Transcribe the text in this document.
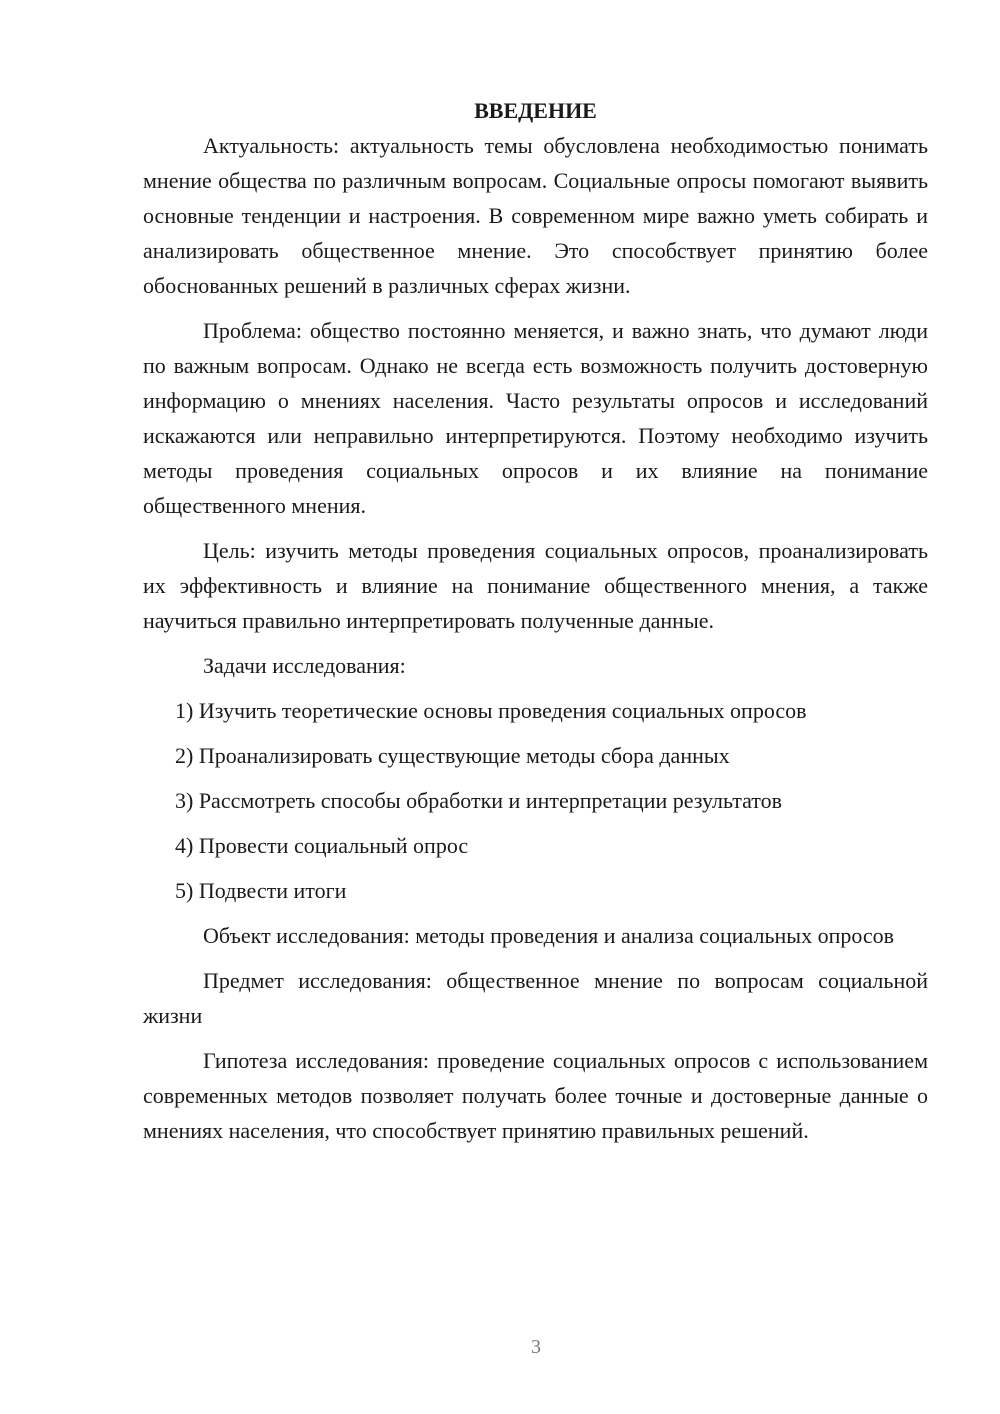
ВВЕДЕНИЕ

Актуальность: актуальность темы обусловлена необходимостью понимать мнение общества по различным вопросам. Социальные опросы помогают выявить основные тенденции и настроения. В современном мире важно уметь собирать и анализировать общественное мнение. Это способствует принятию более обоснованных решений в различных сферах жизни.

Проблема: общество постоянно меняется, и важно знать, что думают люди по важным вопросам. Однако не всегда есть возможность получить достоверную информацию о мнениях населения. Часто результаты опросов и исследований искажаются или неправильно интерпретируются. Поэтому необходимо изучить методы проведения социальных опросов и их влияние на понимание общественного мнения.

Цель: изучить методы проведения социальных опросов, проанализировать их эффективность и влияние на понимание общественного мнения, а также научиться правильно интерпретировать полученные данные.

Задачи исследования:

1) Изучить теоретические основы проведения социальных опросов
2) Проанализировать существующие методы сбора данных
3) Рассмотреть способы обработки и интерпретации результатов
4) Провести социальный опрос
5) Подвести итоги

Объект исследования: методы проведения и анализа социальных опросов

Предмет исследования: общественное мнение по вопросам социальной жизни

Гипотеза исследования: проведение социальных опросов с использованием современных методов позволяет получать более точные и достоверные данные о мнениях населения, что способствует принятию правильных решений.

3
